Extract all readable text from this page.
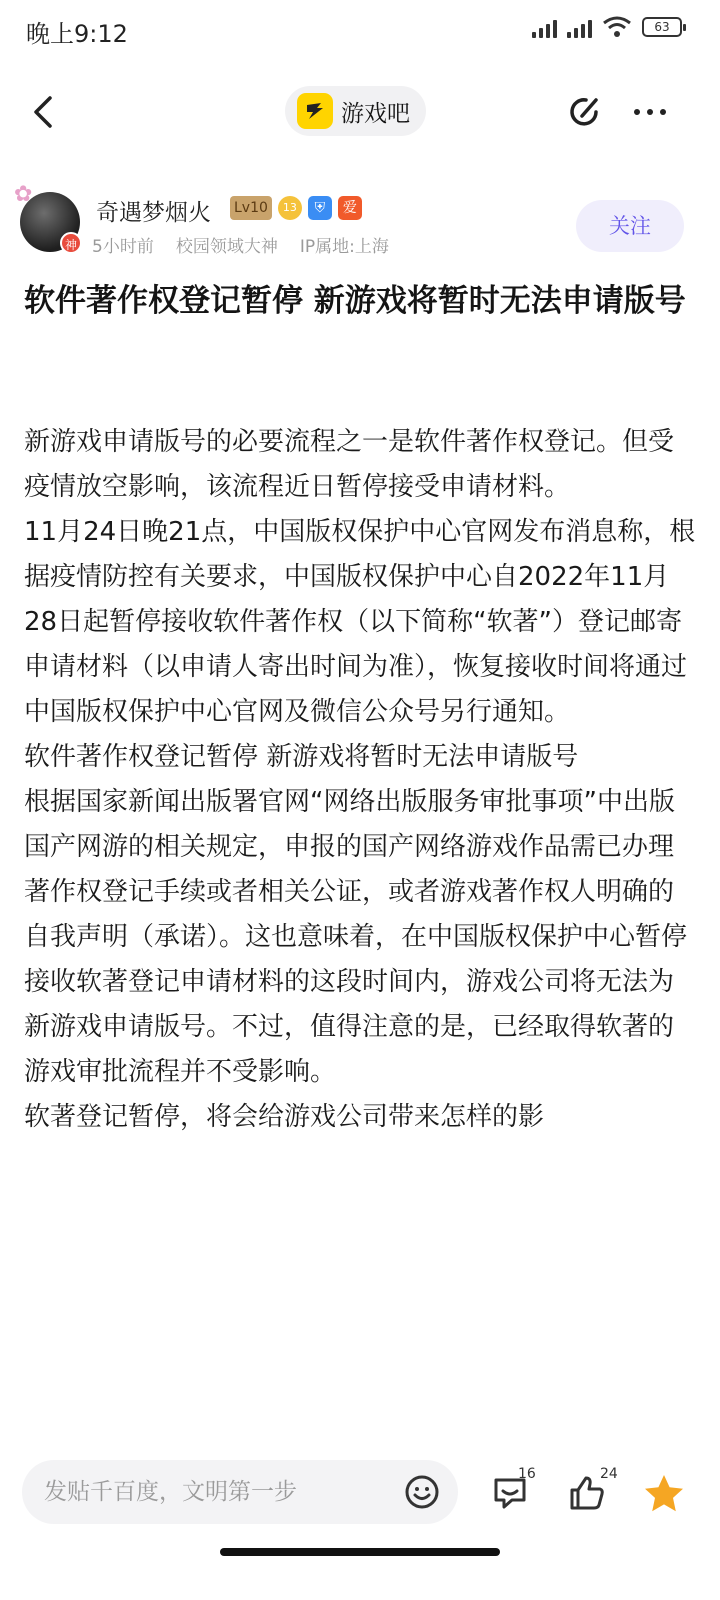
晚上9:12	63
游戏吧
✿
神
奇遇梦烟火 Lv10	13	⛨	爱
5小时前 校园领域大神 IP属地:上海
关注
软件著作权登记暂停 新游戏将暂时无法申请版号

新游戏申请版号的必要流程之一是软件著作权登记。但受疫情放空影响，该流程近日暂停接受申请材料。

11月24日晚21点，中国版权保护中心官网发布消息称，根据疫情防控有关要求，中国版权保护中心自2022年11月28日起暂停接收软件著作权（以下简称“软著”）登记邮寄申请材料（以申请人寄出时间为准），恢复接收时间将通过中国版权保护中心官网及微信公众号另行通知。

软件著作权登记暂停 新游戏将暂时无法申请版号

根据国家新闻出版署官网“网络出版服务审批事项”中出版国产网游的相关规定，申报的国产网络游戏作品需已办理著作权登记手续或者相关公证，或者游戏著作权人明确的自我声明（承诺）。这也意味着，在中国版权保护中心暂停接收软著登记申请材料的这段时间内，游戏公司将无法为新游戏申请版号。不过，值得注意的是，已经取得软著的游戏审批流程并不受影响。

软著登记暂停，将会给游戏公司带来怎样的影

发贴千百度，文明第一步
16	24
